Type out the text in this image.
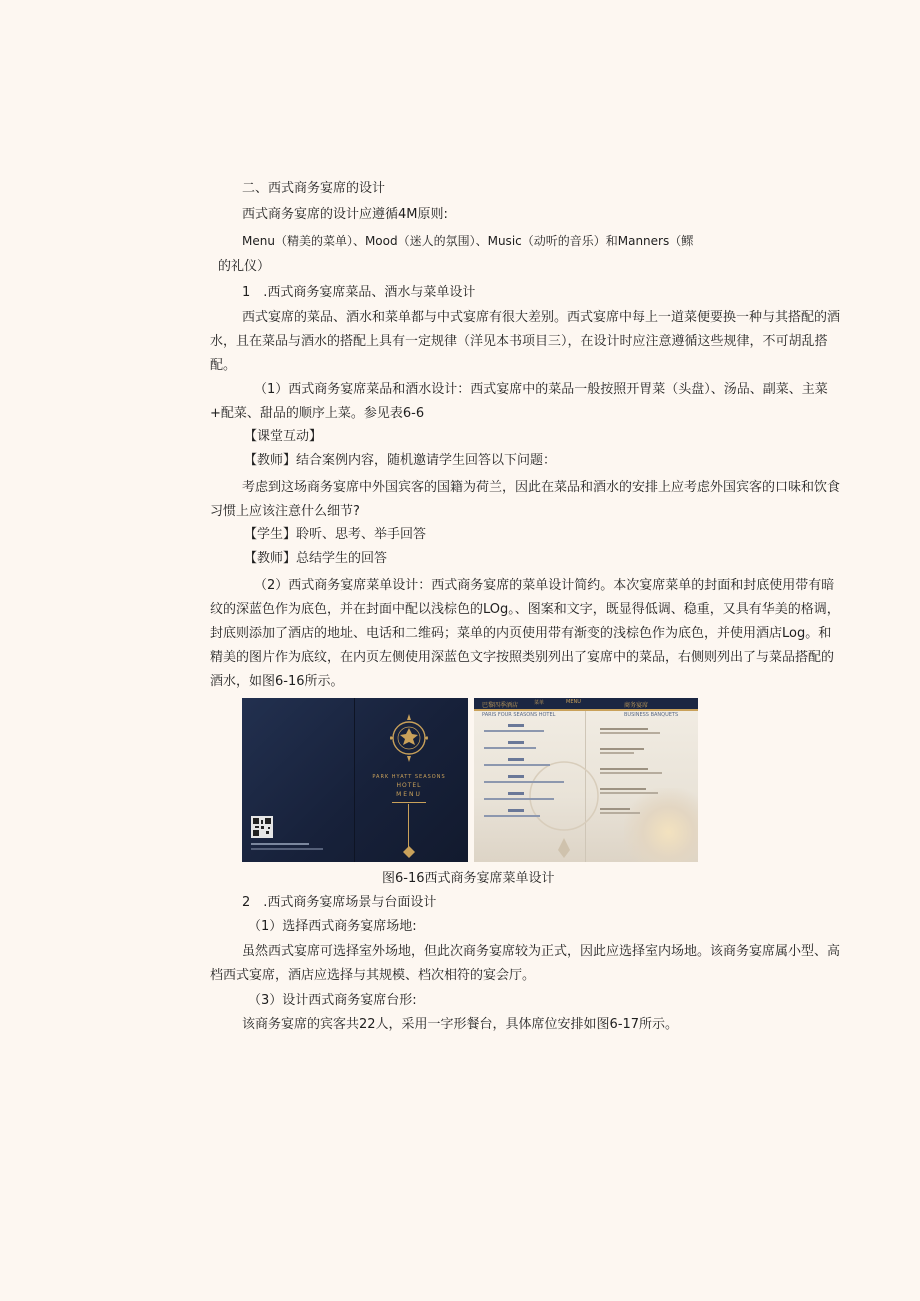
二、西式商务宴席的设计
西式商务宴席的设计应遵循4M原则:
Menu（精美的菜单）、Mood（迷人的氛围）、Music（动听的音乐）和Manners（鳏
的礼仪）
1　.西式商务宴席菜品、酒水与菜单设计
西式宴席的菜品、酒水和菜单都与中式宴席有很大差别。西式宴席中每上一道菜便要换一种与其搭配的酒水，且在菜品与酒水的搭配上具有一定规律（洋见本书项目三），在设计时应注意遵循这些规律，不可胡乱搭配。
（1）西式商务宴席菜品和酒水设计：西式宴席中的菜品一般按照开胃菜（头盘）、汤品、副菜、主菜+配菜、甜品的顺序上菜。参见表6-6
【课堂互动】
【教师】结合案例内容，随机邀请学生回答以下问题：
考虑到这场商务宴席中外国宾客的国籍为荷兰，因此在菜品和酒水的安排上应考虑外国宾客的口味和饮食习惯上应该注意什么细节?
【学生】聆听、思考、举手回答
【教师】总结学生的回答
（2）西式商务宴席菜单设计：西式商务宴席的菜单设计简约。本次宴席菜单的封面和封底使用带有暗纹的深蓝色作为底色，并在封面中配以浅棕色的LOg。、图案和文字，既显得低调、稳重，又具有华美的格调，封底则添加了酒店的地址、电话和二维码；菜单的内页使用带有渐变的浅棕色作为底色，并使用酒店Log。和精美的图片作为底纹，在内页左侧使用深蓝色文字按照类别列出了宴席中的菜品，右侧则列出了与菜品搭配的酒水，如图6-16所示。
PARK HYATT SEASONS
HOTEL
MENU
巴黎四季酒店	菜单	MENU	商务宴席
PARIS FOUR SEASONS HOTEL	BUSINESS BANQUETS
图6-16西式商务宴席菜单设计
2　.西式商务宴席场景与台面设计
（1）选择西式商务宴席场地:
虽然西式宴席可选择室外场地，但此次商务宴席较为正式，因此应选择室内场地。该商务宴席属小型、高档西式宴席，酒店应选择与其规模、档次相符的宴会厅。
（3）设计西式商务宴席台形:
该商务宴席的宾客共22人，采用一字形餐台，具体席位安排如图6-17所示。
